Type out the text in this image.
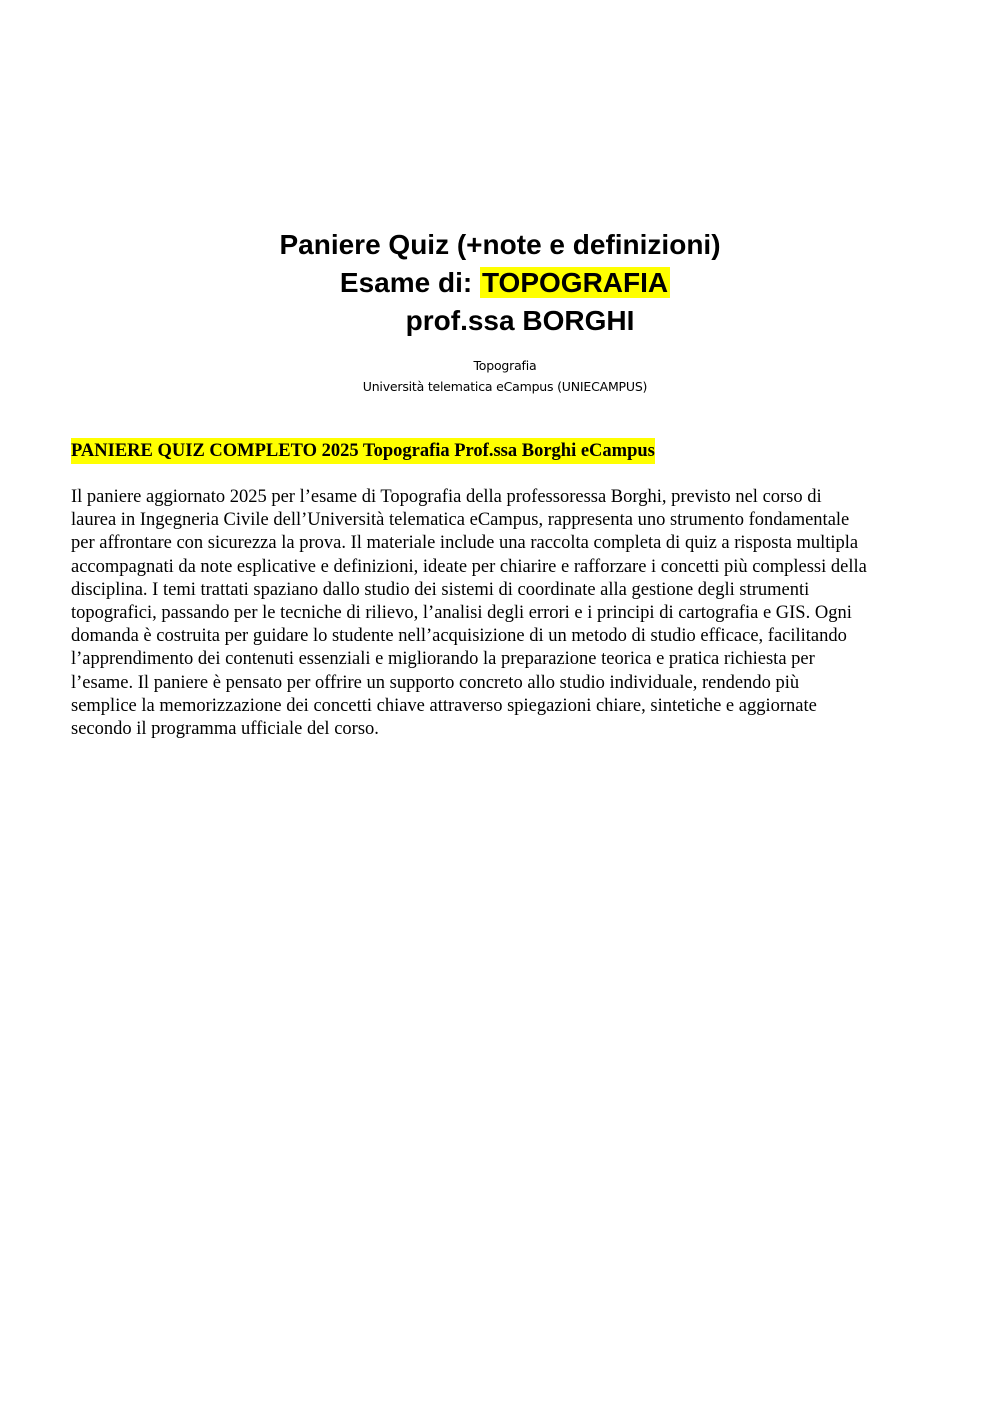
Paniere Quiz (+note e definizioni)
Esame di: TOPOGRAFIA
prof.ssa BORGHI
Topografia
Università telematica eCampus (UNIECAMPUS)
PANIERE QUIZ COMPLETO 2025 Topografia Prof.ssa Borghi eCampus

Il paniere aggiornato 2025 per l’esame di Topografia della professoressa Borghi, previsto nel corso di
laurea in Ingegneria Civile dell’Università telematica eCampus, rappresenta uno strumento fondamentale
per affrontare con sicurezza la prova. Il materiale include una raccolta completa di quiz a risposta multipla
accompagnati da note esplicative e definizioni, ideate per chiarire e rafforzare i concetti più complessi della
disciplina. I temi trattati spaziano dallo studio dei sistemi di coordinate alla gestione degli strumenti
topografici, passando per le tecniche di rilievo, l’analisi degli errori e i principi di cartografia e GIS. Ogni
domanda è costruita per guidare lo studente nell’acquisizione di un metodo di studio efficace, facilitando
l’apprendimento dei contenuti essenziali e migliorando la preparazione teorica e pratica richiesta per
l’esame. Il paniere è pensato per offrire un supporto concreto allo studio individuale, rendendo più
semplice la memorizzazione dei concetti chiave attraverso spiegazioni chiare, sintetiche e aggiornate
secondo il programma ufficiale del corso.
